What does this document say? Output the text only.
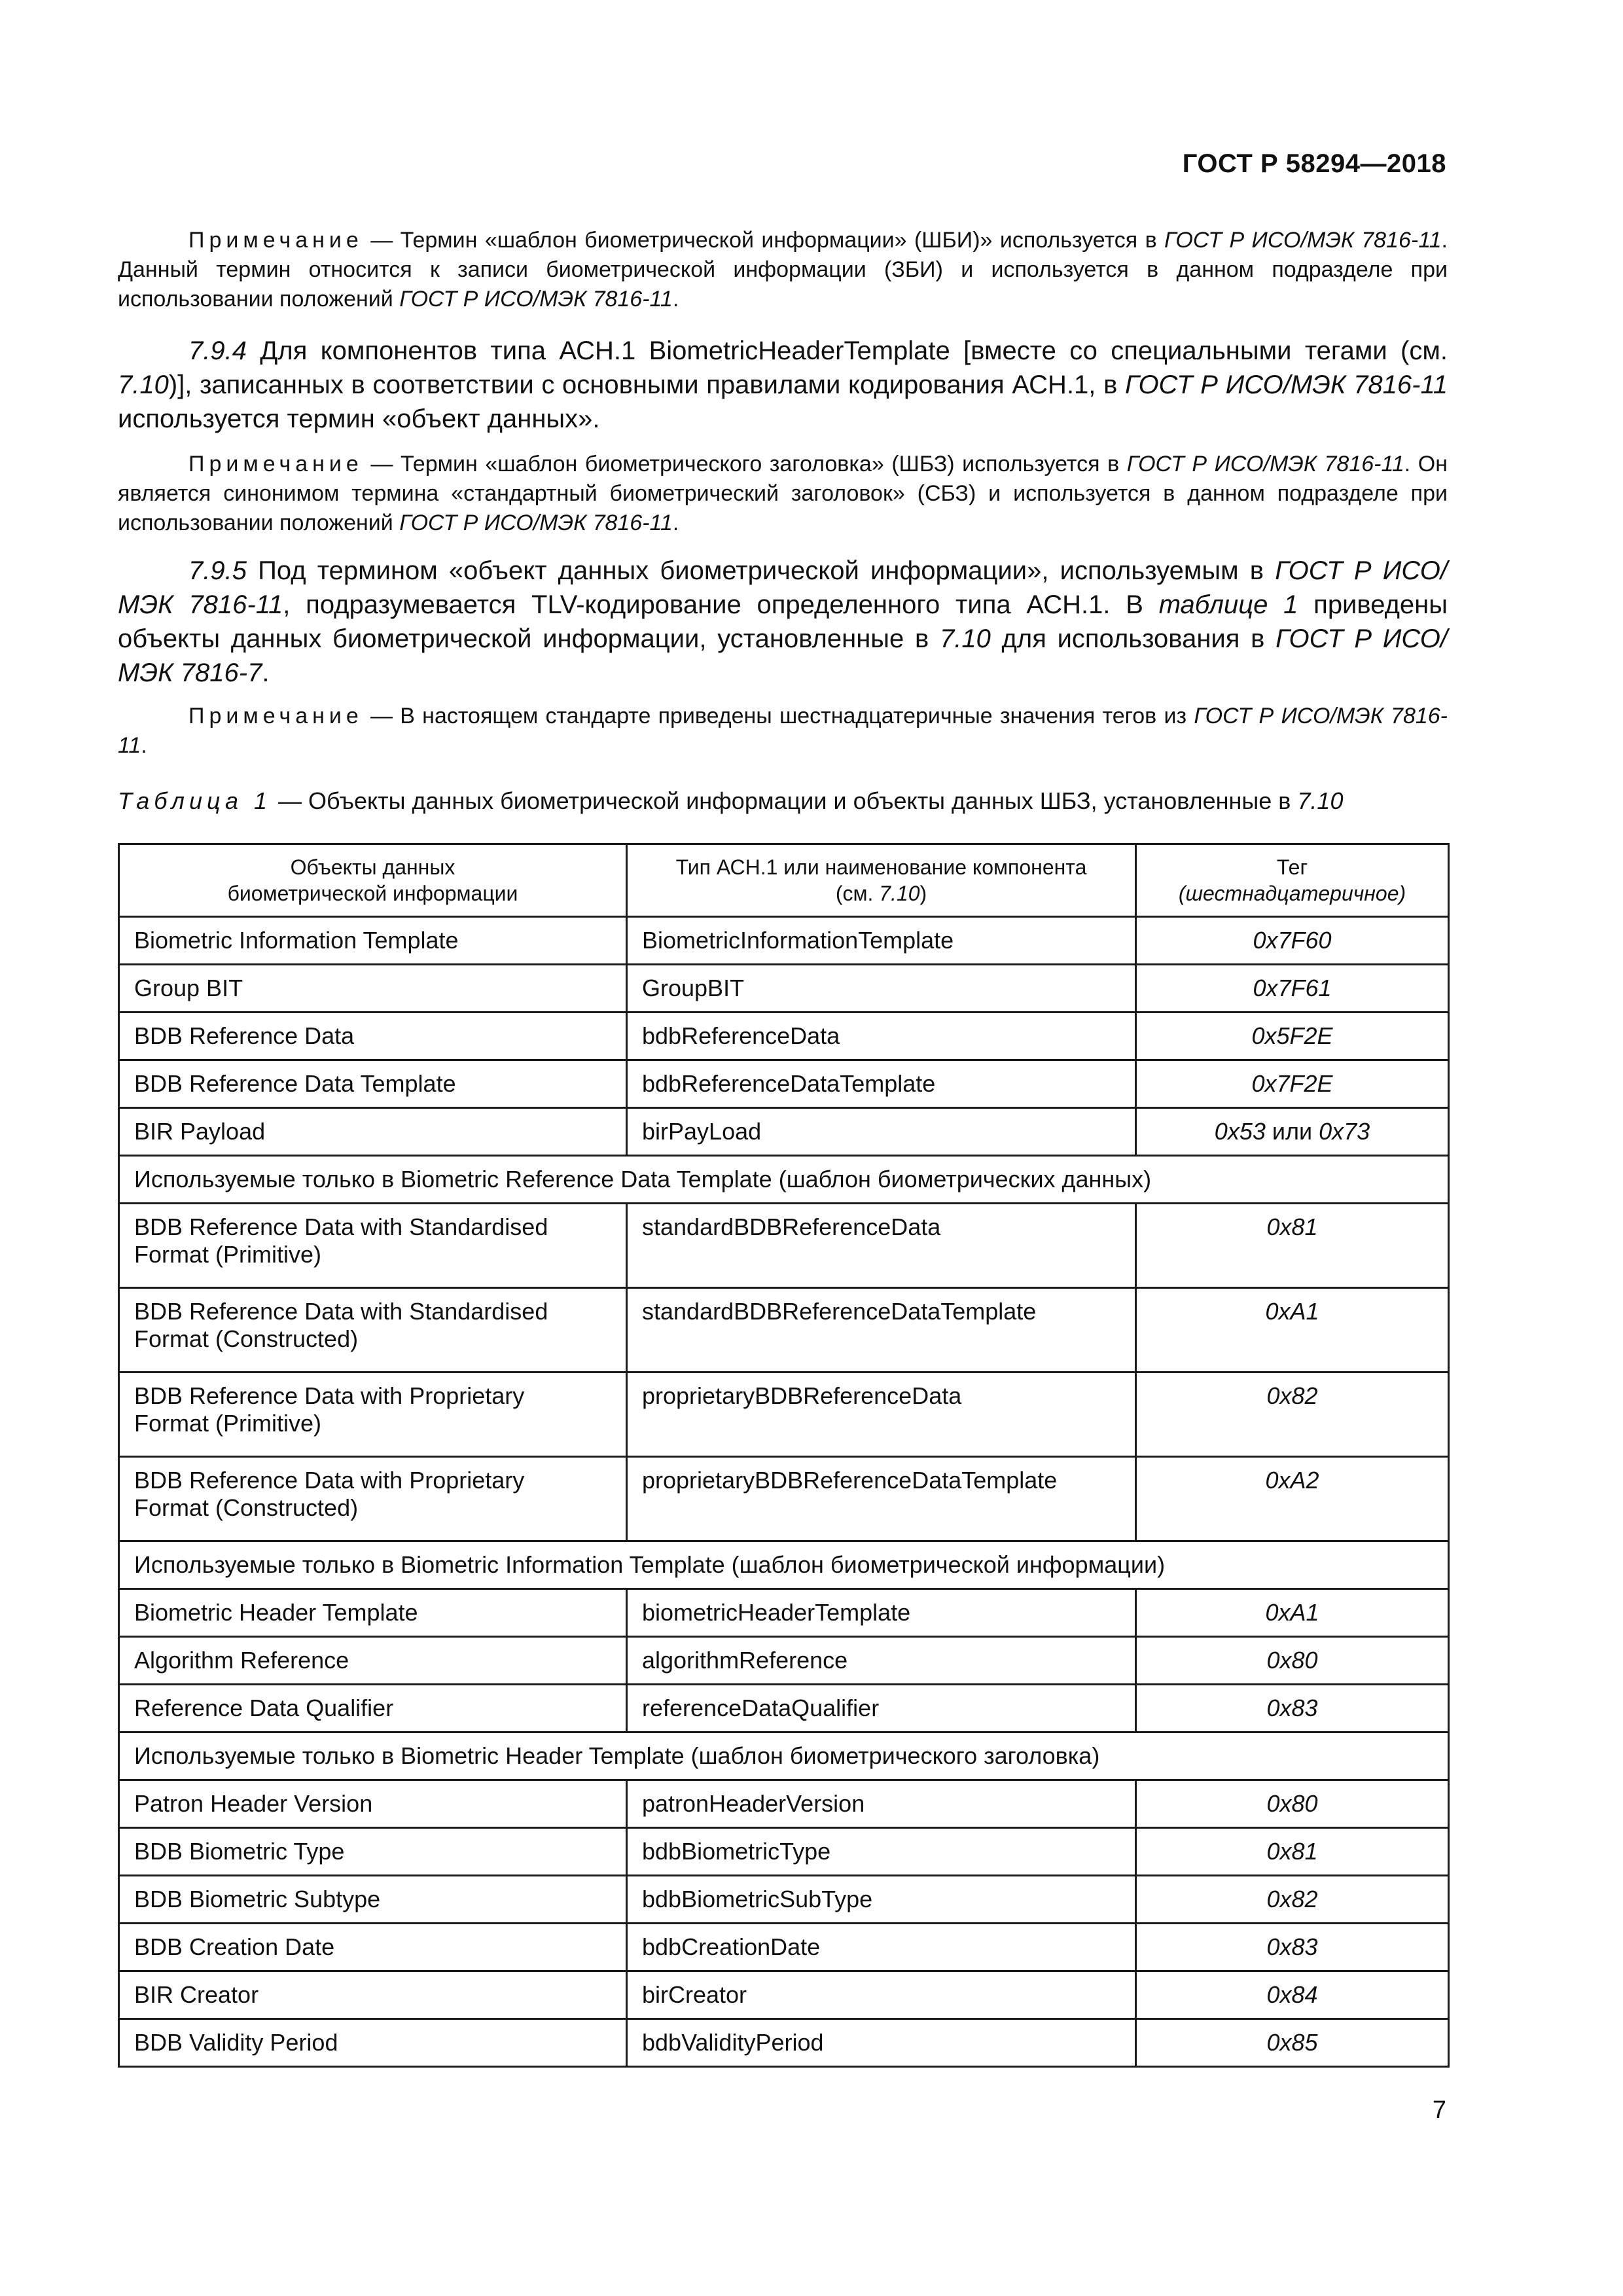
ГОСТ Р 58294—2018

Примечание — Термин «шаблон биометрической информации» (ШБИ)» используется в ГОСТ Р ИСО/МЭК 7816-11. Данный термин относится к записи биометрической информации (ЗБИ) и используется в данном подразделе при использовании положений ГОСТ Р ИСО/МЭК 7816-11.

7.9.4 Для компонентов типа АСН.1 BiometricHeaderTemplate [вместе со специальными тегами (см. 7.10)], записанных в соответствии с основными правилами кодирования АСН.1, в ГОСТ Р ИСО/МЭК 7816-11 используется термин «объект данных».

Примечание — Термин «шаблон биометрического заголовка» (ШБЗ) используется в ГОСТ Р ИСО/МЭК 7816-11. Он является синонимом термина «стандартный биометрический заголовок» (СБЗ) и используется в данном подразделе при использовании положений ГОСТ Р ИСО/МЭК 7816-11.

7.9.5 Под термином «объект данных биометрической информации», используемым в ГОСТ Р ИСО/МЭК 7816-11, подразумевается TLV-кодирование определенного типа АСН.1. В таблице 1 приведены объекты данных биометрической информации, установленные в 7.10 для использования в ГОСТ Р ИСО/МЭК 7816-7.

Примечание — В настоящем стандарте приведены шестнадцатеричные значения тегов из ГОСТ Р ИСО/МЭК 7816-11.

Таблица 1 — Объекты данных биометрической информации и объекты данных ШБЗ, установленные в 7.10
Объекты данных
биометрической информации	Тип АСН.1 или наименование компонента
(см. 7.10)	Тег
(шестнадцатеричное)
Biometric Information Template	BiometricInformationTemplate	0x7F60
Group BIT	GroupBIT	0x7F61
BDB Reference Data	bdbReferenceData	0x5F2E
BDB Reference Data Template	bdbReferenceDataTemplate	0x7F2E
BIR Payload	birPayLoad	0x53 или 0x73
Используемые только в Biometric Reference Data Template (шаблон биометрических данных)		
BDB Reference Data with Standardised
Format (Primitive)	standardBDBReferenceData	0x81
BDB Reference Data with Standardised
Format (Constructed)	standardBDBReferenceDataTemplate	0xA1
BDB Reference Data with Proprietary
Format (Primitive)	proprietaryBDBReferenceData	0x82
BDB Reference Data with Proprietary
Format (Constructed)	proprietaryBDBReferenceDataTemplate	0xA2
Используемые только в Biometric Information Template (шаблон биометрической информации)		
Biometric Header Template	biometricHeaderTemplate	0xA1
Algorithm Reference	algorithmReference	0x80
Reference Data Qualifier	referenceDataQualifier	0x83
Используемые только в Biometric Header Template (шаблон биометрического заголовка)		
Patron Header Version	patronHeaderVersion	0x80
BDB Biometric Type	bdbBiometricType	0x81
BDB Biometric Subtype	bdbBiometricSubType	0x82
BDB Creation Date	bdbCreationDate	0x83
BIR Creator	birCreator	0x84
BDB Validity Period	bdbValidityPeriod	0x85
7
